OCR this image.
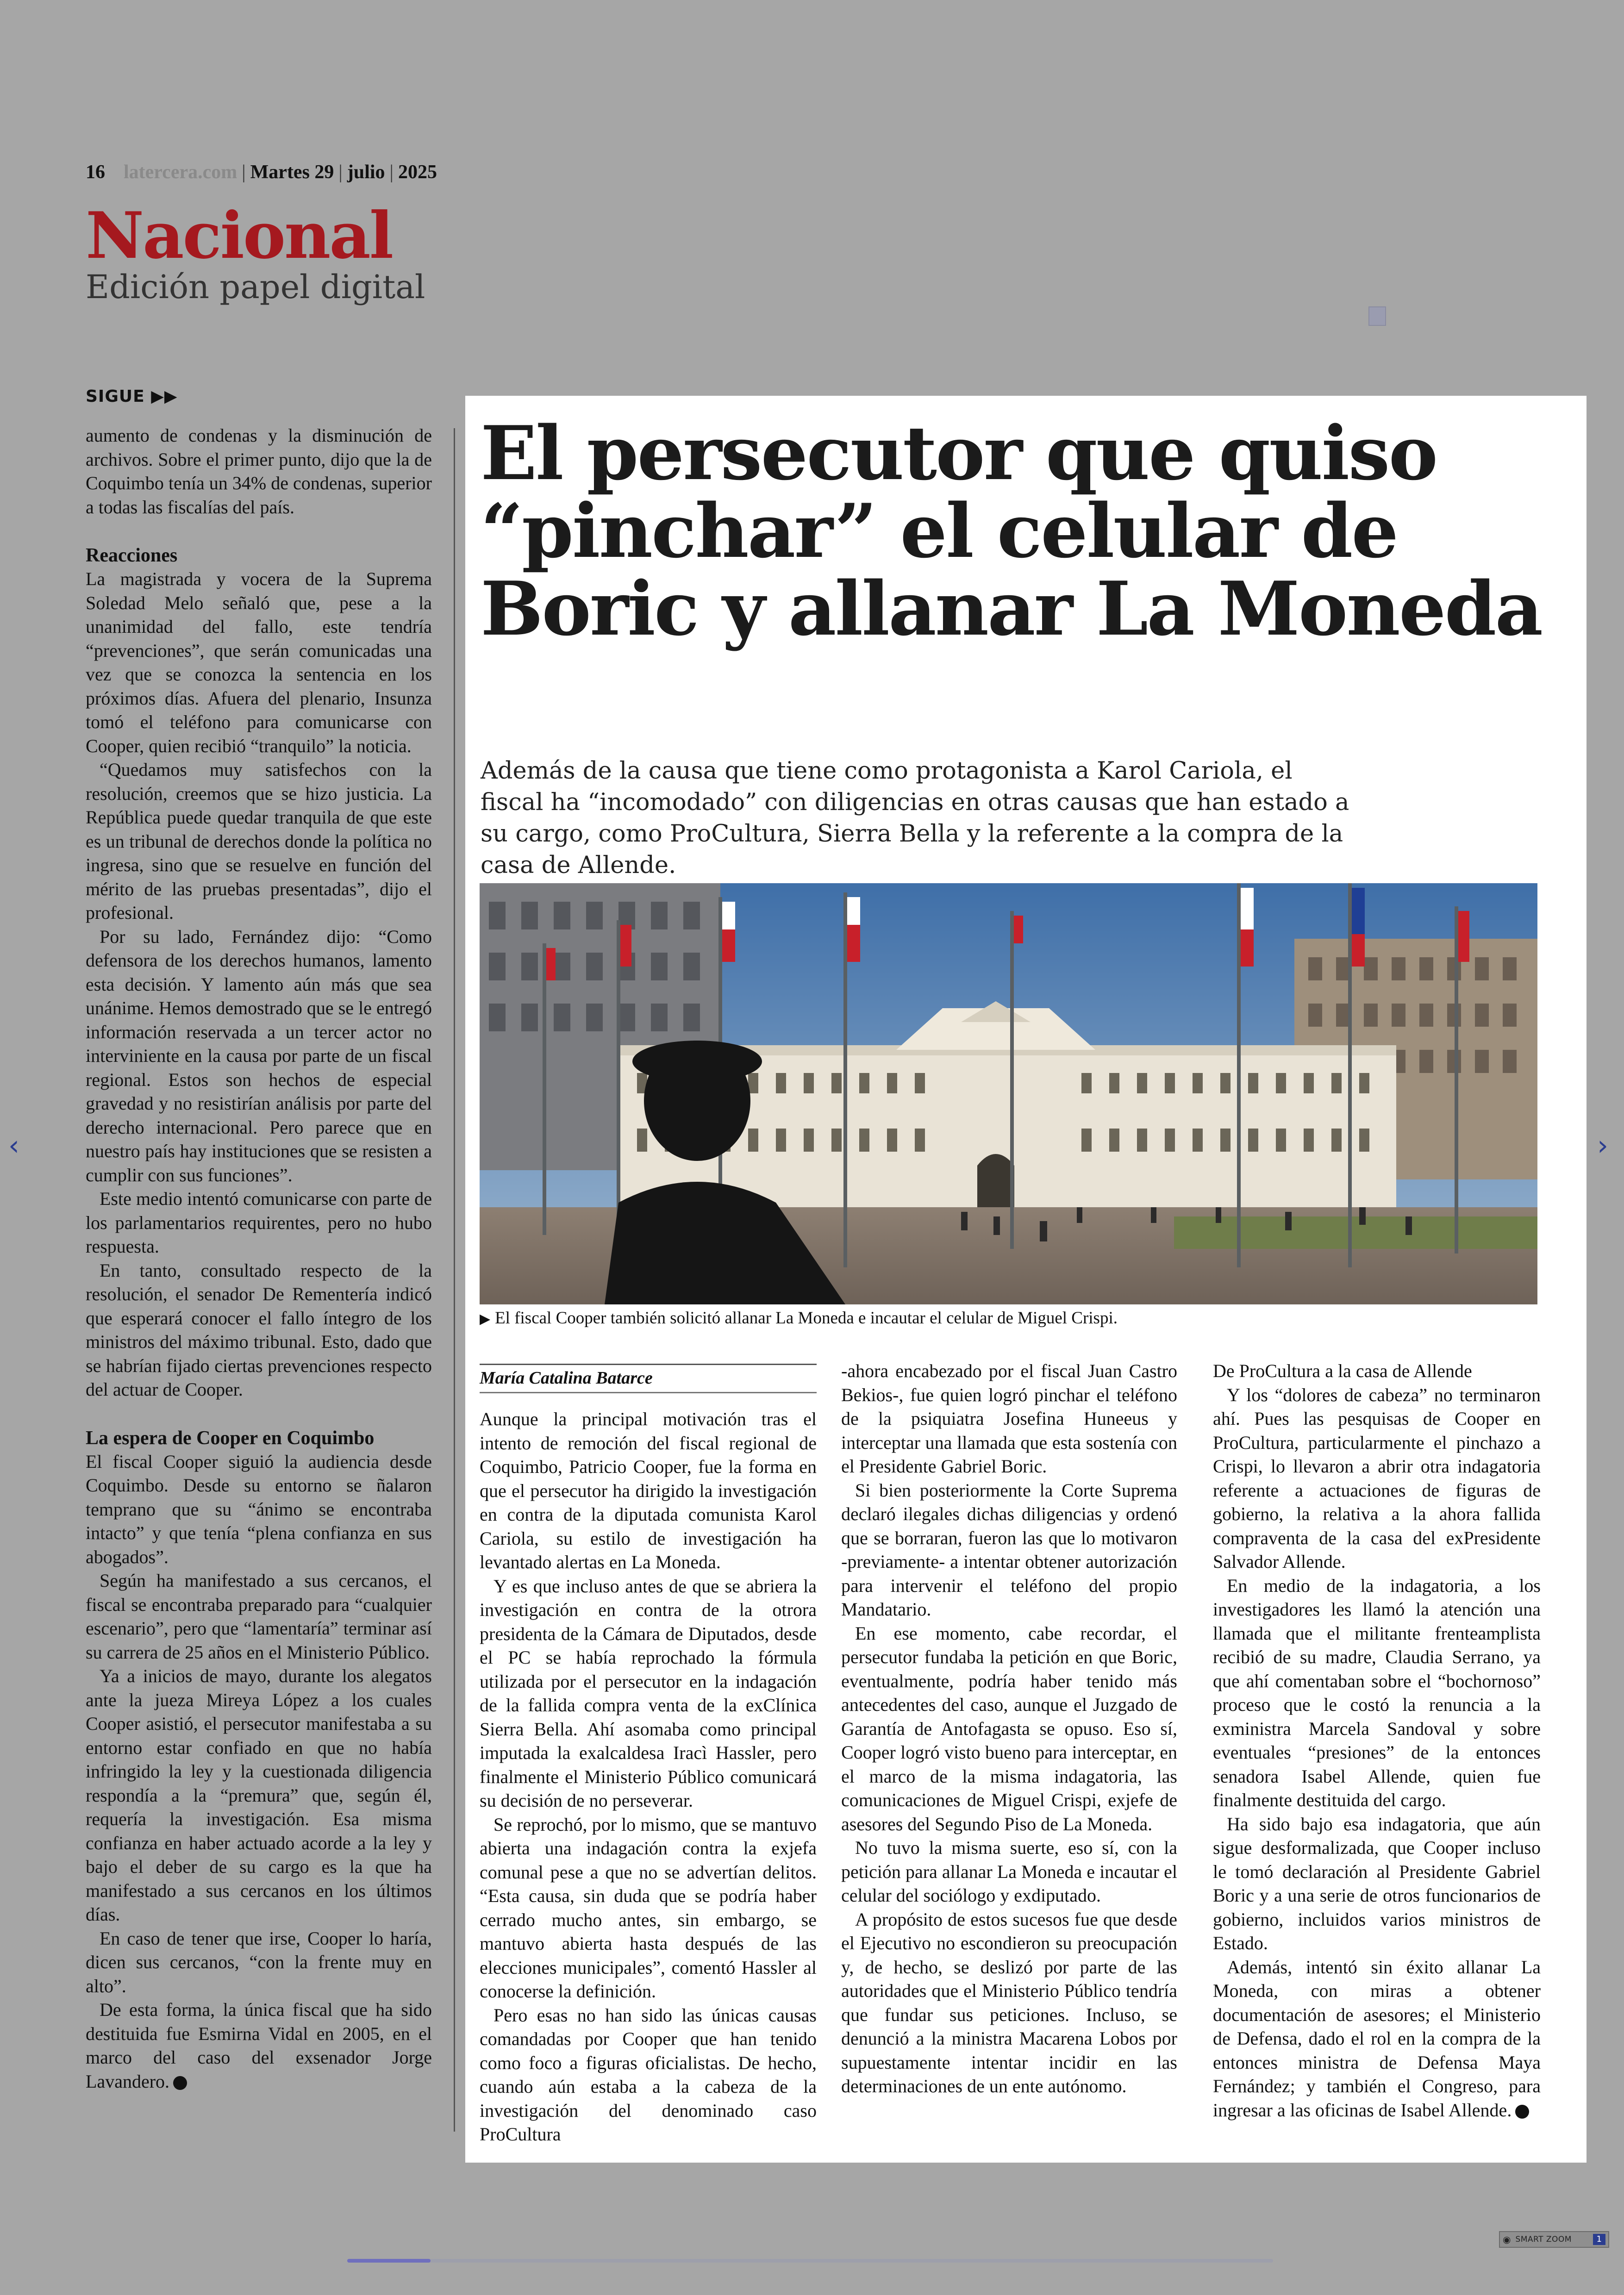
16 latercera.com | Martes 29 | julio | 2025
Nacional
Edición papel digital
SIGUE ▶▶

aumento de condenas y la disminución de archivos. Sobre el primer punto, dijo que la de Coquimbo tenía un 34% de condenas, superior a todas las fiscalías del país.

Reacciones

La magistrada y vocera de la Suprema Soledad Melo señaló que, pese a la unanimidad del fallo, este tendría “prevenciones”, que serán comunicadas una vez que se conozca la sentencia en los próximos días. Afuera del plenario, Insunza tomó el teléfono para comunicarse con Cooper, quien recibió “tranquilo” la noticia.

“Quedamos muy satisfechos con la resolución, creemos que se hizo justicia. La República puede quedar tranquila de que este es un tribunal de derechos donde la política no ingresa, sino que se resuelve en función del mérito de las pruebas presentadas”, dijo el profesional.

Por su lado, Fernández dijo: “Como defensora de los derechos humanos, lamento esta decisión. Y lamento aún más que sea unánime. Hemos demostrado que se le entregó información reservada a un tercer actor no interviniente en la causa por parte de un fiscal regional. Estos son hechos de especial gravedad y no resistirían análisis por parte del derecho internacional. Pero parece que en nuestro país hay instituciones que se resisten a cumplir con sus funciones”.

Este medio intentó comunicarse con parte de los parlamentarios requirentes, pero no hubo respuesta.

En tanto, consultado respecto de la resolución, el senador De Rementería indicó que esperará conocer el fallo íntegro de los ministros del máximo tribunal. Esto, dado que se habrían fijado ciertas prevenciones respecto del actuar de Cooper.

La espera de Cooper en Coquimbo

El fiscal Cooper siguió la audiencia desde Coquimbo. Desde su entorno se ñalaron temprano que su “ánimo se encontraba intacto” y que tenía “plena confianza en sus abogados”.

Según ha manifestado a sus cercanos, el fiscal se encontraba preparado para “cualquier escenario”, pero que “lamentaría” terminar así su carrera de 25 años en el Ministerio Público.

Ya a inicios de mayo, durante los alegatos ante la jueza Mireya López a los cuales Cooper asistió, el persecutor manifestaba a su entorno estar confiado en que no había infringido la ley y la cuestionada diligencia respondía a la “premura” que, según él, requería la investigación. Esa misma confianza en haber actuado acorde a la ley y bajo el deber de su cargo es la que ha manifestado a sus cercanos en los últimos días.

En caso de tener que irse, Cooper lo haría, dicen sus cercanos, “con la frente muy en alto”.

De esta forma, la única fiscal que ha sido destituida fue Esmirna Vidal en 2005, en el marco del caso del exsenador Jorge Lavandero.

El persecutor que quiso “pinchar” el celular de Boric y allanar La Moneda
Además de la causa que tiene como protagonista a Karol Cariola, el fiscal ha “incomodado” con diligencias en otras causas que han estado a su cargo, como ProCultura, Sierra Bella y la referente a la compra de la casa de Allende.
▶ El fiscal Cooper también solicitó allanar La Moneda e incautar el celular de Miguel Crispi.
María Catalina Batarce

Aunque la principal motivación tras el intento de remoción del fiscal regional de Coquimbo, Patricio Cooper, fue la forma en que el persecutor ha dirigido la investigación en contra de la diputada comunista Karol Cariola, su estilo de investigación ha levantado alertas en La Moneda.

Y es que incluso antes de que se abriera la investigación en contra de la otrora presidenta de la Cámara de Diputados, desde el PC se había reprochado la fórmula utilizada por el persecutor en la indagación de la fallida compra venta de la exClínica Sierra Bella. Ahí asomaba como principal imputada la exalcaldesa Iracì Hassler, pero finalmente el Ministerio Público comunicará su decisión de no perseverar.

Se reprochó, por lo mismo, que se mantuvo abierta una indagación contra la exjefa comunal pese a que no se advertían delitos. “Esta causa, sin duda que se podría haber cerrado mucho antes, sin embargo, se mantuvo abierta hasta después de las elecciones municipales”, comentó Hassler al conocerse la definición.

Pero esas no han sido las únicas causas comandadas por Cooper que han tenido como foco a figuras oficialistas. De hecho, cuando aún estaba a la cabeza de la investigación del denominado caso ProCultura

-ahora encabezado por el fiscal Juan Castro Bekios-, fue quien logró pinchar el teléfono de la psiquiatra Josefina Huneeus y interceptar una llamada que esta sostenía con el Presidente Gabriel Boric.

Si bien posteriormente la Corte Suprema declaró ilegales dichas diligencias y ordenó que se borraran, fueron las que lo motivaron -previamente- a intentar obtener autorización para intervenir el teléfono del propio Mandatario.

En ese momento, cabe recordar, el persecutor fundaba la petición en que Boric, eventualmente, podría haber tenido más antecedentes del caso, aunque el Juzgado de Garantía de Antofagasta se opuso. Eso sí, Cooper logró visto bueno para interceptar, en el marco de la misma indagatoria, las comunicaciones de Miguel Crispi, exjefe de asesores del Segundo Piso de La Moneda.

No tuvo la misma suerte, eso sí, con la petición para allanar La Moneda e incautar el celular del sociólogo y exdiputado.

A propósito de estos sucesos fue que desde el Ejecutivo no escondieron su preocupación y, de hecho, se deslizó por parte de las autoridades que el Ministerio Público tendría que fundar sus peticiones. Incluso, se denunció a la ministra Macarena Lobos por supuestamente intentar incidir en las determinaciones de un ente autónomo.

De ProCultura a la casa de Allende

Y los “dolores de cabeza” no terminaron ahí. Pues las pesquisas de Cooper en ProCultura, particularmente el pinchazo a Crispi, lo llevaron a abrir otra indagatoria referente a actuaciones de figuras de gobierno, la relativa a la ahora fallida compraventa de la casa del exPresidente Salvador Allende.

En medio de la indagatoria, a los investigadores les llamó la atención una llamada que el militante frenteamplista recibió de su madre, Claudia Serrano, ya que ahí comentaban sobre el “bochornoso” proceso que le costó la renuncia a la exministra Marcela Sandoval y sobre eventuales “presiones” de la entonces senadora Isabel Allende, quien fue finalmente destituida del cargo.

Ha sido bajo esa indagatoria, que aún sigue desformalizada, que Cooper incluso le tomó declaración al Presidente Gabriel Boric y a una serie de otros funcionarios de gobierno, incluidos varios ministros de Estado.

Además, intentó sin éxito allanar La Moneda, con miras a obtener documentación de asesores; el Ministerio de Defensa, dado el rol en la compra de la entonces ministra de Defensa Maya Fernández; y también el Congreso, para ingresar a las oficinas de Isabel Allende.

‹	›
◉ SMART ZOOM	1
